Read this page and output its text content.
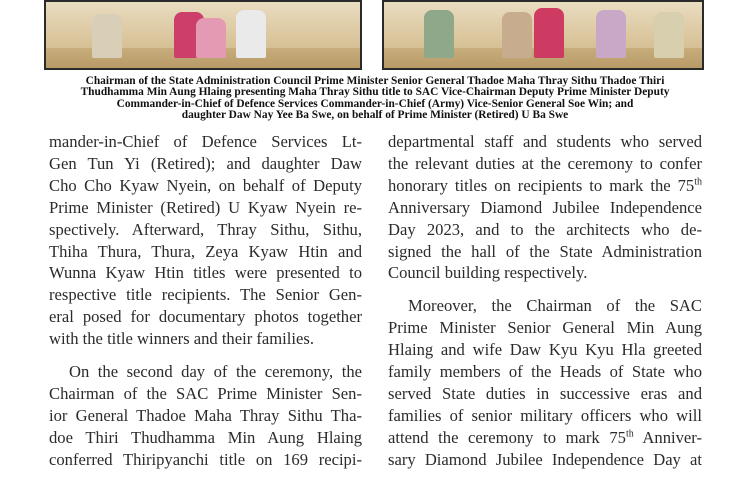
Chairman of the State Administration Council Prime Minister Senior General Thadoe Maha Thray Sithu Thadoe Thiri
Thudhamma Min Aung Hlaing presenting Maha Thray Sithu title to SAC Vice-Chairman Deputy Prime Minister Deputy
Commander-in-Chief of Defence Services Commander-in-Chief (Army) Vice-Senior General Soe Win; and
daughter Daw Nay Yee Ba Swe, on behalf of Prime Minister (Retired) U Ba Swe

mander-in-Chief of Defence Services Lt-
Gen Tun Yi (Retired); and daughter Daw
Cho Cho Kyaw Nyein, on behalf of Deputy
Prime Minister (Retired) U Kyaw Nyein re-
spectively. Afterward, Thray Sithu, Sithu,
Thiha Thura, Thura, Zeya Kyaw Htin and
Wunna Kyaw Htin titles were presented to
respective title recipients. The Senior Gen-
eral posed for documentary photos together
with the title winners and their families.

On the second day of the ceremony, the

Chairman of the SAC Prime Minister Sen-
ior General Thadoe Maha Thray Sithu Tha-
doe Thiri Thudhamma Min Aung Hlaing
conferred Thiripyanchi title on 169 recipi-

departmental staff and students who served
the relevant duties at the ceremony to confer
honorary titles on recipients to mark the 75th
Anniversary Diamond Jubilee Independence
Day 2023, and to the architects who de-
signed the hall of the State Administration
Council building respectively.

Moreover, the Chairman of the SAC
Prime Minister Senior General Min Aung
Hlaing and wife Daw Kyu Kyu Hla greeted
family members of the Heads of State who
served State duties in successive eras and
families of senior military officers who will
attend the ceremony to mark 75th Anniver-
sary Diamond Jubilee Independence Day at
